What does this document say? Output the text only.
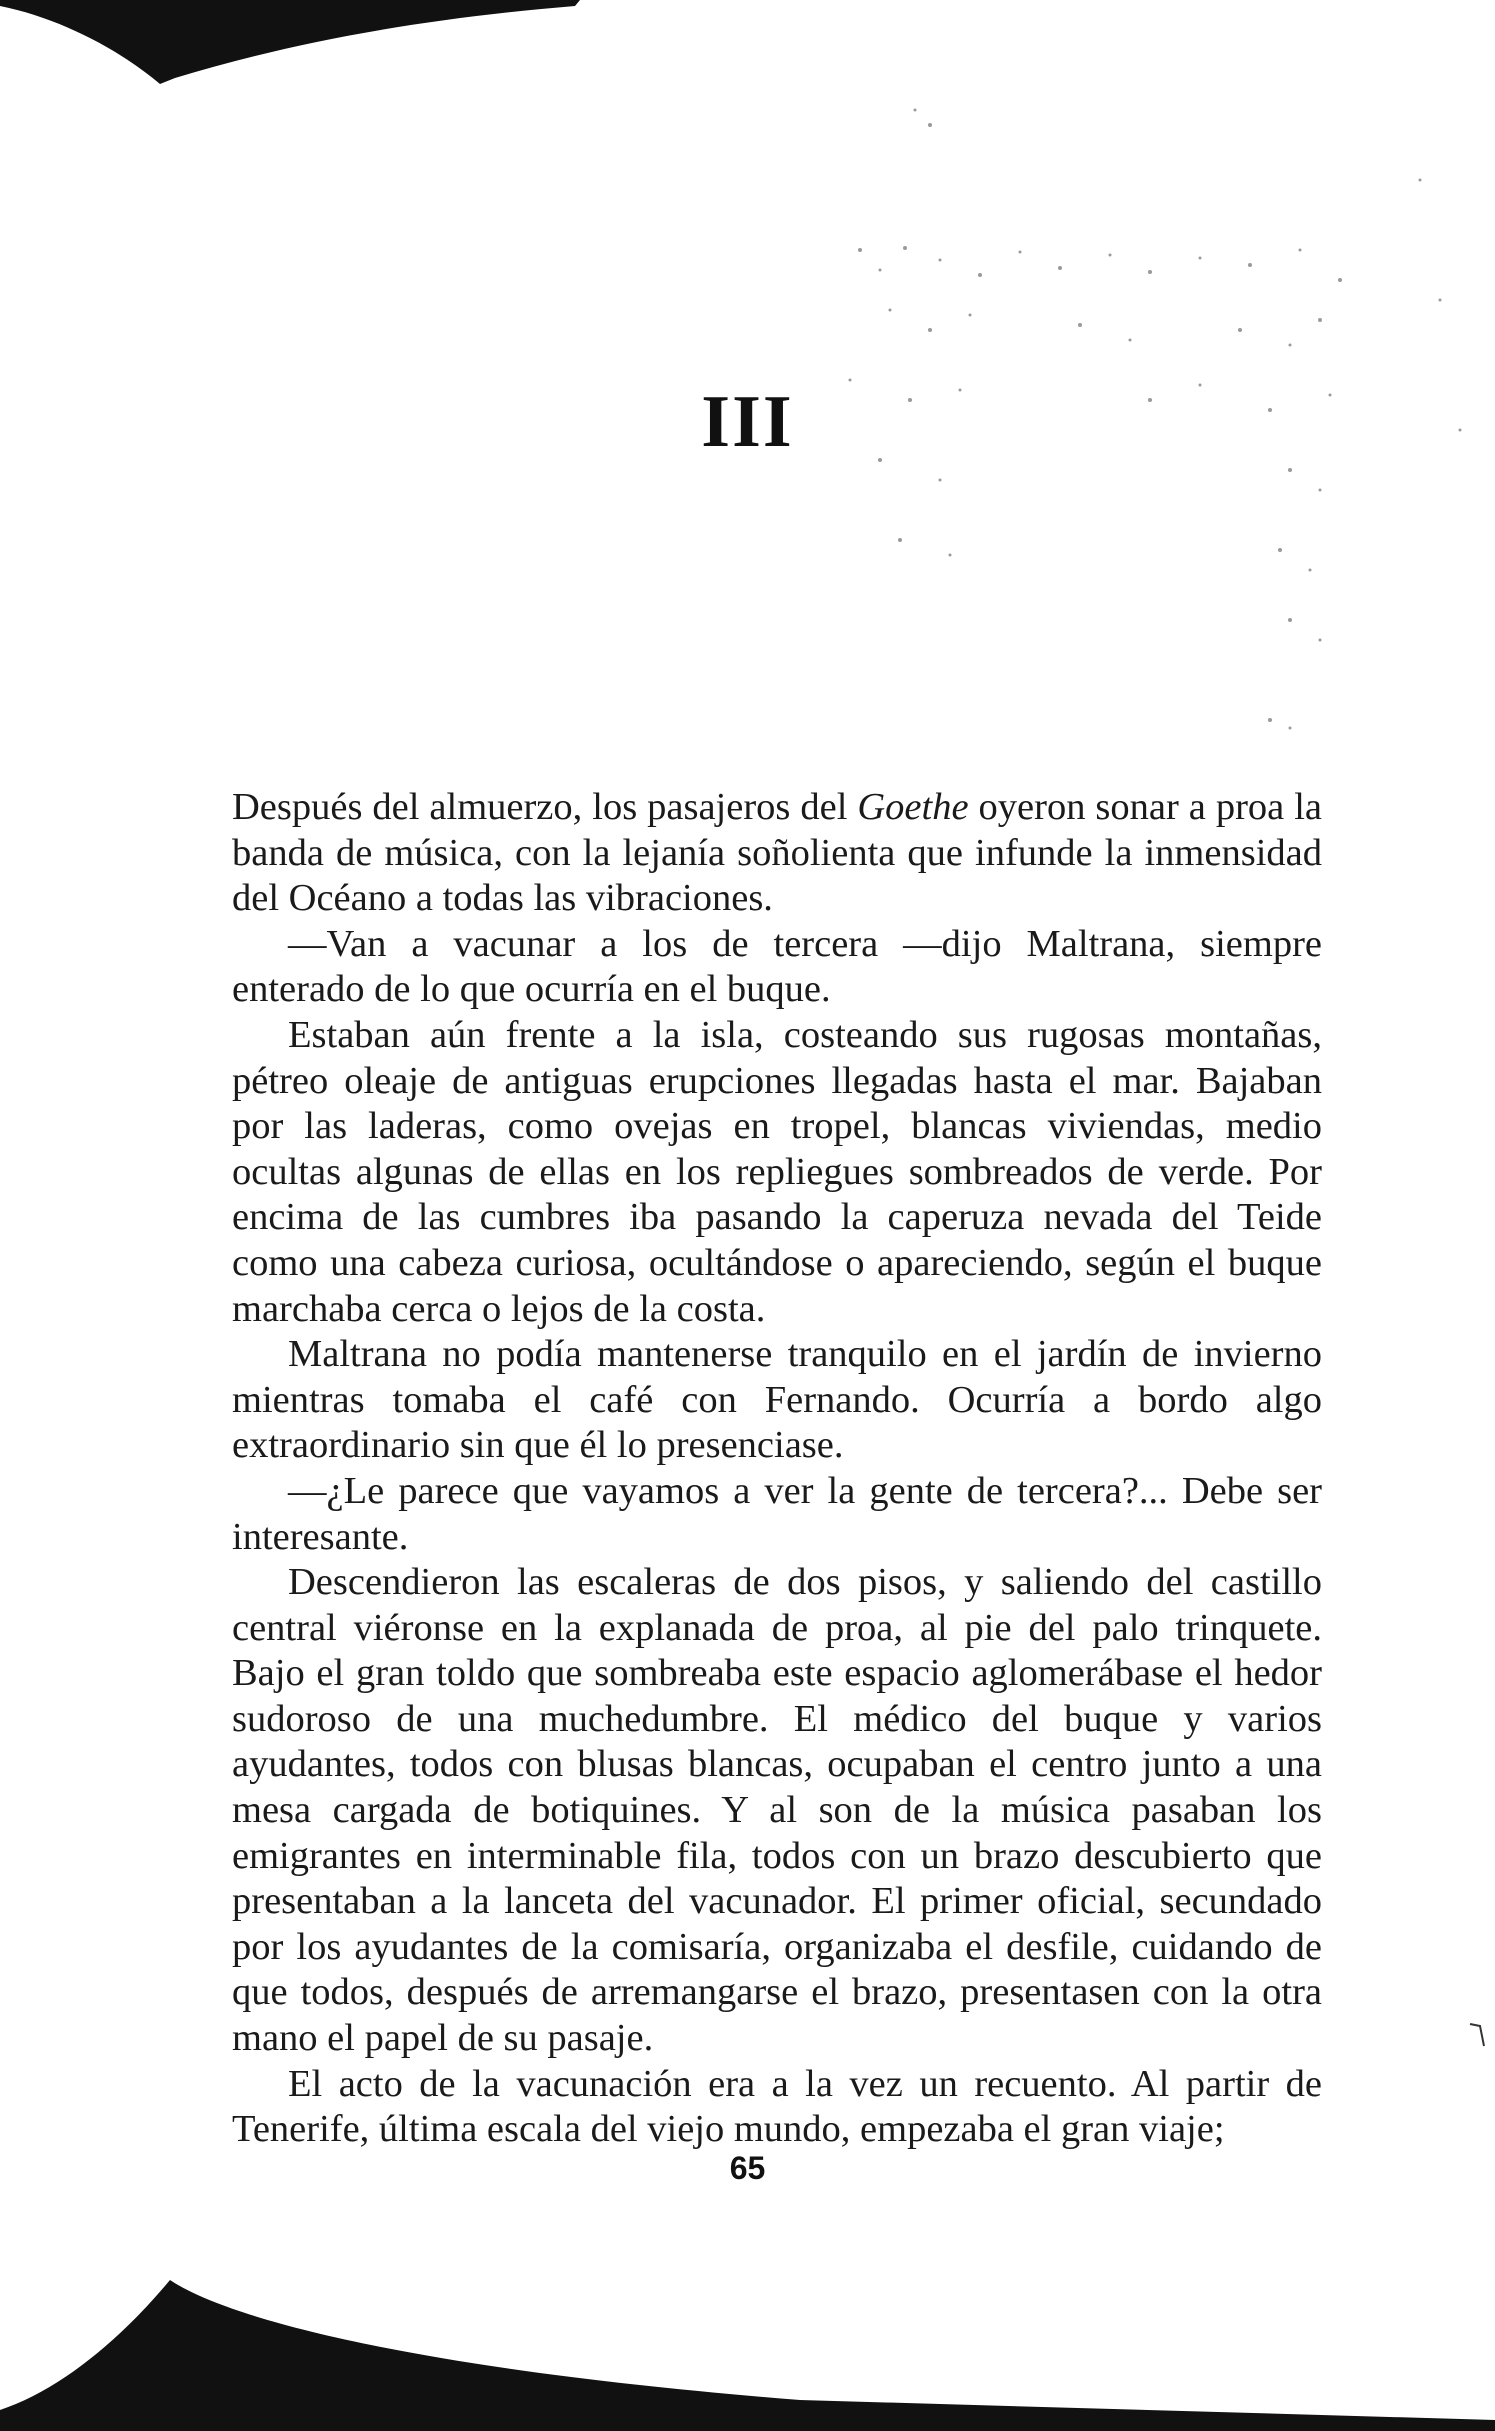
III

Después del almuerzo, los pasajeros del Goethe oyeron sonar a proa la banda de música, con la lejanía soñolienta que infunde la inmensidad del Océano a todas las vibraciones.

—Van a vacunar a los de tercera —dijo Maltrana, siempre enterado de lo que ocurría en el buque.

Estaban aún frente a la isla, costeando sus rugosas montañas, pétreo oleaje de antiguas erupciones llegadas hasta el mar. Bajaban por las laderas, como ovejas en tropel, blancas viviendas, medio ocultas algunas de ellas en los repliegues sombreados de verde. Por encima de las cumbres iba pasando la caperuza nevada del Teide como una cabeza curiosa, ocultándose o apareciendo, según el buque marchaba cerca o lejos de la costa.

Maltrana no podía mantenerse tranquilo en el jardín de invierno mientras tomaba el café con Fernando. Ocurría a bordo algo extraordinario sin que él lo presenciase.

—¿Le parece que vayamos a ver la gente de tercera?... Debe ser interesante.

Descendieron las escaleras de dos pisos, y saliendo del castillo central viéronse en la explanada de proa, al pie del palo trinquete. Bajo el gran toldo que sombreaba este espacio aglomerábase el hedor sudoroso de una muchedumbre. El médico del buque y varios ayudantes, todos con blusas blancas, ocupaban el centro junto a una mesa cargada de botiquines. Y al son de la música pasaban los emigrantes en interminable fila, todos con un brazo descubierto que presentaban a la lanceta del vacunador. El primer oficial, secundado por los ayudantes de la comisaría, organizaba el desfile, cuidando de que todos, después de arremangarse el brazo, presentasen con la otra mano el papel de su pasaje.

El acto de la vacunación era a la vez un recuento. Al partir de Tenerife, última escala del viejo mundo, empezaba el gran viaje;

65
